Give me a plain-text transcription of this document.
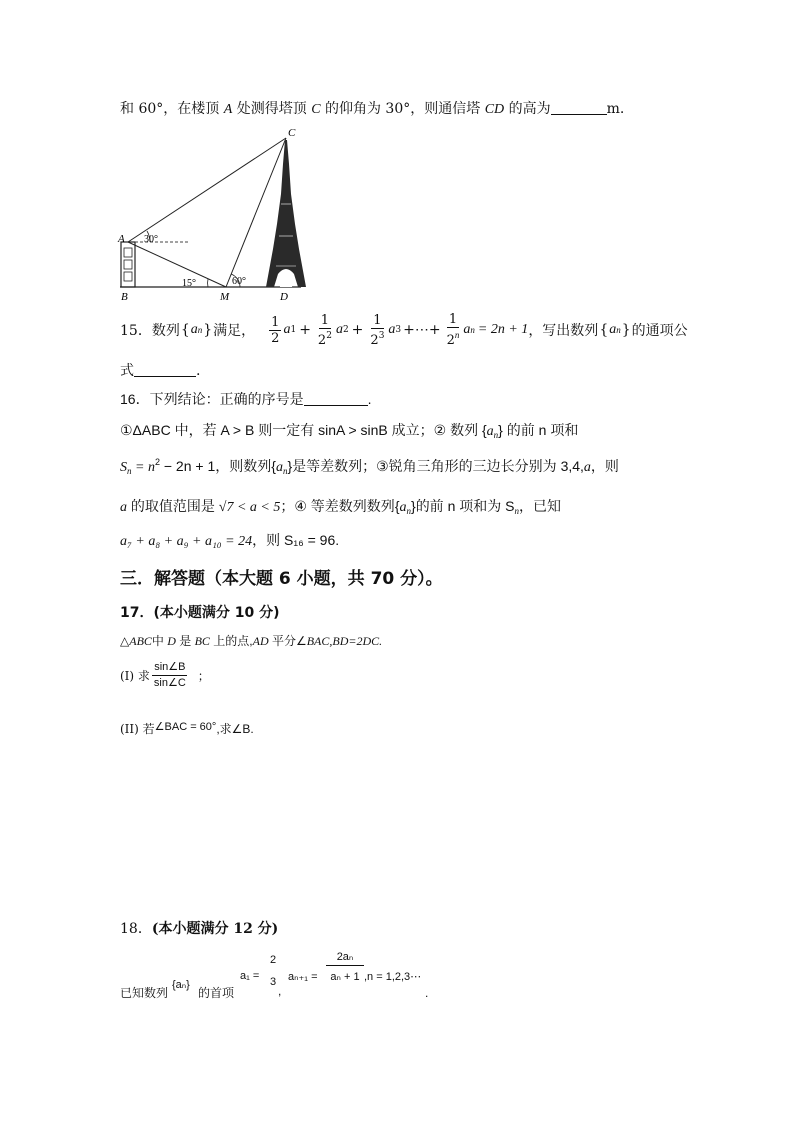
和 60°，在楼顶 A 处测得塔顶 C 的仰角为 30°，则通信塔 CD 的高为	m.
C
A
B	M	D
30°
15°	60°
15．数列 { a n } 满足， $\frac{1}{2}$ a $1 + \frac{1}{2^2}$ a $2 + \frac{1}{2^3}$ a 3 +⋯+ $\frac{1}{2^n}$ a n = 2n + 1 ，写出数列 { a n } 的通项公
式	.
16．下列结论：正确的序号是	.
①ΔABC 中，若 A > B 则一定有 sinA > sinB 成立；② 数列 $\{a_n\}$ 的前 n 项和
$S_n = n^2 - 2n + 1$，则数列$\{a_n\}$是等差数列；③锐角三角形的三边长分别为 3,4,a，则
a 的取值范围是 √7 < a < 5；④ 等差数列数列$\{a_n\}$的前 n 项和为 $S_n$，已知
a₇ + a₈ + a₉ + a₁₀ = 24，则 S₁₆ = 96.
三．解答题（本大题 6 小题，共 70 分）。
17．(本小题满分 10 分)
△ABC中 D 是 BC 上的点,AD 平分∠BAC,BD=2DC.
(I) 求 $\frac{\sin\angle B}{\sin\angle C}$ ；
(II) 若∠BAC = 60°,求∠B.
18．(本小题满分 12 分)
已知数列
{aₙ}
的首项
a₁ =
2
3
,
$a_{n+1} = \frac{\text{2aₙ}}{\text{aₙ + 1}} ,n$ = 1,2,3⋯
.
